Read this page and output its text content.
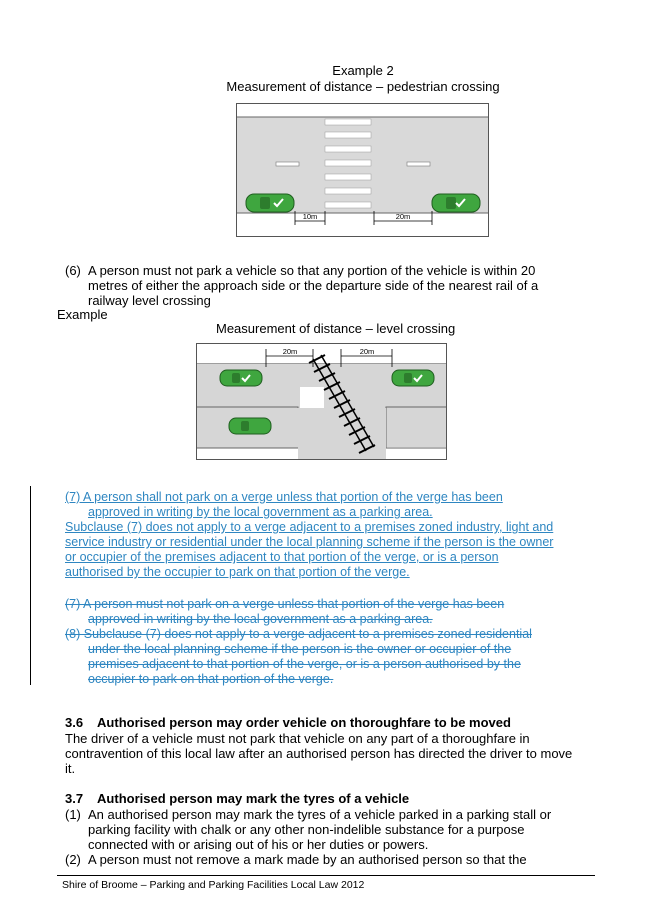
Example 2
Measurement of distance – pedestrian crossing
10m	20m
(6) A person must not park a vehicle so that any portion of the vehicle is within 20
metres of either the approach side or the departure side of the nearest rail of a
railway level crossing
Example
Measurement of distance – level crossing
20m	20m
(7) A person shall not park on a verge unless that portion of the verge has been
approved in writing by the local government as a parking area.
Subclause (7) does not apply to a verge adjacent to a premises zoned industry, light and
service industry or residential under the local planning scheme if the person is the owner
or occupier of the premises adjacent to that portion of the verge, or is a person
authorised by the occupier to park on that portion of the verge.
(7) A person must not park on a verge unless that portion of the verge has been
approved in writing by the local government as a parking area.
(8) Subclause (7) does not apply to a verge adjacent to a premises zoned residential
under the local planning scheme if the person is the owner or occupier of the
premises adjacent to that portion of the verge, or is a person authorised by the
occupier to park on that portion of the verge.
3.6    Authorised person may order vehicle on thoroughfare to be moved
The driver of a vehicle must not park that vehicle on any part of a thoroughfare in
contravention of this local law after an authorised person has directed the driver to move
it.
3.7    Authorised person may mark the tyres of a vehicle
(1) An authorised person may mark the tyres of a vehicle parked in a parking stall or
parking facility with chalk or any other non-indelible substance for a purpose
connected with or arising out of his or her duties or powers.
(2) A person must not remove a mark made by an authorised person so that the
Shire of Broome – Parking and Parking Facilities Local Law 2012
